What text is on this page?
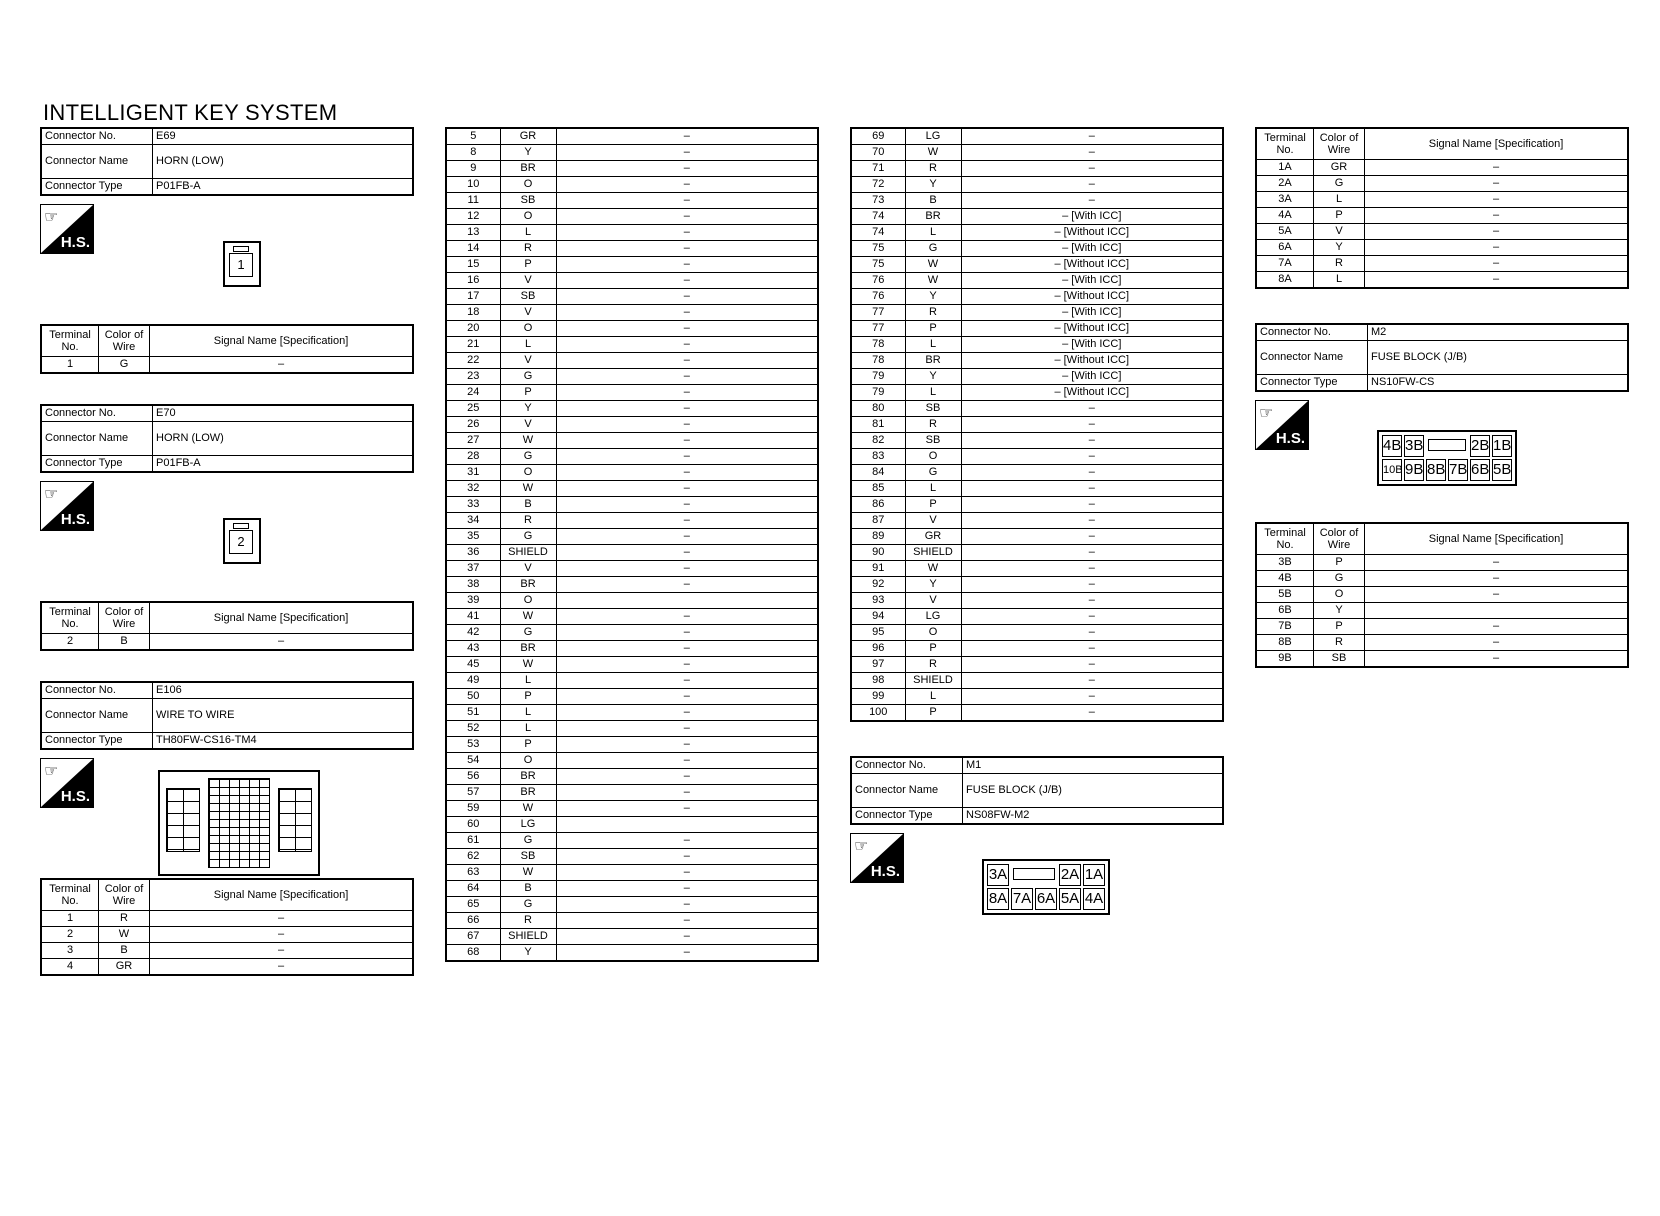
INTELLIGENT KEY SYSTEM
Connector No.	E69
Connector Name	HORN (LOW)
Connector Type	P01FB-A
☞
H.S.
1
Terminal No.	Color of Wire	Signal Name [Specification]
1	G	–
Connector No.	E70
Connector Name	HORN (LOW)
Connector Type	P01FB-A
☞
H.S.
2
Terminal No.	Color of Wire	Signal Name [Specification]
2	B	–
Connector No.	E106
Connector Name	WIRE TO WIRE
Connector Type	TH80FW-CS16-TM4
☞
H.S.
Terminal No.	Color of Wire	Signal Name [Specification]
1	R	–
2	W	–
3	B	–
4	GR	–
5	GR	–
8	Y	–
9	BR	–
10	O	–
11	SB	–
12	O	–
13	L	–
14	R	–
15	P	–
16	V	–
17	SB	–
18	V	–
20	O	–
21	L	–
22	V	–
23	G	–
24	P	–
25	Y	–
26	V	–
27	W	–
28	G	–
31	O	–
32	W	–
33	B	–
34	R	–
35	G	–
36	SHIELD	–
37	V	–
38	BR	–
39	O	
41	W	–
42	G	–
43	BR	–
45	W	–
49	L	–
50	P	–
51	L	–
52	L	–
53	P	–
54	O	–
56	BR	–
57	BR	–
59	W	–
60	LG	
61	G	–
62	SB	–
63	W	–
64	B	–
65	G	–
66	R	–
67	SHIELD	–
68	Y	–
69	LG	–
70	W	–
71	R	–
72	Y	–
73	B	–
74	BR	– [With ICC]
74	L	– [Without ICC]
75	G	– [With ICC]
75	W	– [Without ICC]
76	W	– [With ICC]
76	Y	– [Without ICC]
77	R	– [With ICC]
77	P	– [Without ICC]
78	L	– [With ICC]
78	BR	– [Without ICC]
79	Y	– [With ICC]
79	L	– [Without ICC]
80	SB	–
81	R	–
82	SB	–
83	O	–
84	G	–
85	L	–
86	P	–
87	V	–
89	GR	–
90	SHIELD	–
91	W	–
92	Y	–
93	V	–
94	LG	–
95	O	–
96	P	–
97	R	–
98	SHIELD	–
99	L	–
100	P	–
Connector No.	M1
Connector Name	FUSE BLOCK (J/B)
Connector Type	NS08FW-M2
☞
H.S.	3A	2A 1A
8A 7A 6A 5A 4A
Terminal No.	Color of Wire	Signal Name [Specification]
1A	GR	–
2A	G	–
3A	L	–
4A	P	–
5A	V	–
6A	Y	–
7A	R	–
8A	L	–
Connector No.	M2
Connector Name	FUSE BLOCK (J/B)
Connector Type	NS10FW-CS
☞
H.S.	4B 3B	2B 1B
10B 9B 8B 7B 6B 5B
Terminal No.	Color of Wire	Signal Name [Specification]
3B	P	–
4B	G	–
5B	O	–
6B	Y	
7B	P	–
8B	R	–
9B	SB	–
